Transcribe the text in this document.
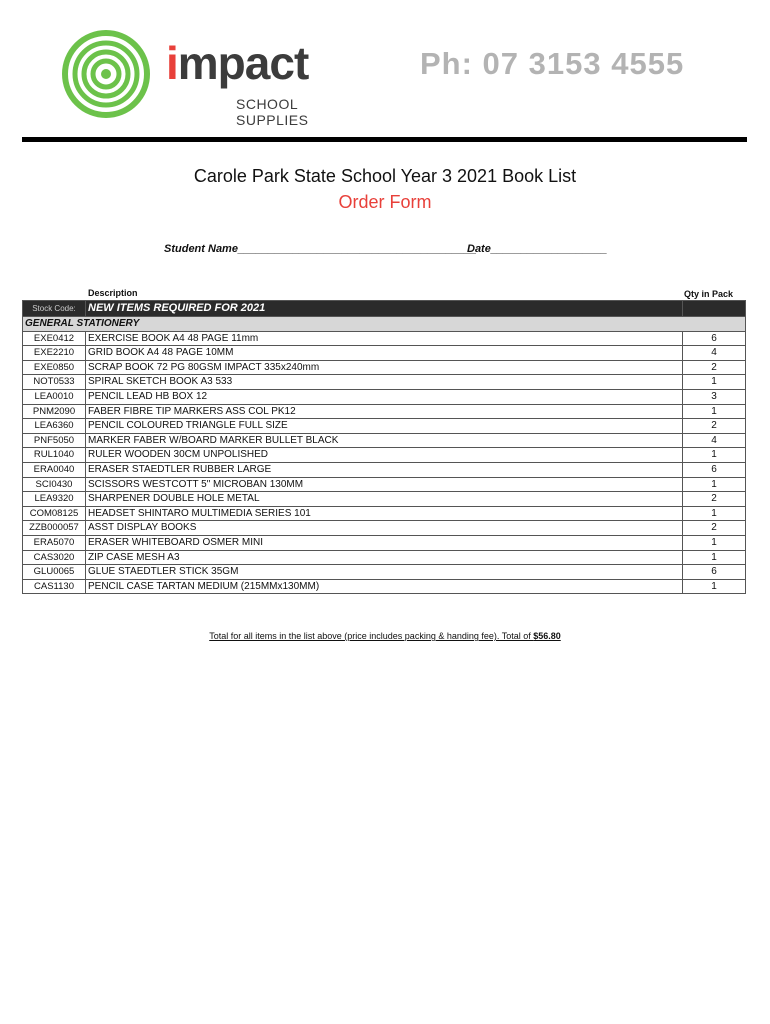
impact
SCHOOL SUPPLIES
Ph: 07 3153 4555
Carole Park State School Year 3 2021 Book List
Order Form
Student Name_______________________________________
Date___________________
Description	Qty in Pack
Stock Code:	NEW ITEMS REQUIRED FOR 2021	
GENERAL STATIONERY		
EXE0412	EXERCISE BOOK A4 48 PAGE 11mm	6
EXE2210	GRID BOOK A4 48 PAGE 10MM	4
EXE0850	SCRAP BOOK 72 PG 80GSM IMPACT 335x240mm	2
NOT0533	SPIRAL SKETCH BOOK A3 533	1
LEA0010	PENCIL LEAD HB BOX 12	3
PNM2090	FABER FIBRE TIP MARKERS ASS COL PK12	1
LEA6360	PENCIL COLOURED TRIANGLE FULL SIZE	2
PNF5050	MARKER FABER W/BOARD MARKER BULLET BLACK	4
RUL1040	RULER WOODEN 30CM UNPOLISHED	1
ERA0040	ERASER STAEDTLER RUBBER LARGE	6
SCI0430	SCISSORS WESTCOTT 5" MICROBAN 130MM	1
LEA9320	SHARPENER DOUBLE HOLE METAL	2
COM08125	HEADSET SHINTARO MULTIMEDIA SERIES 101	1
ZZB000057	ASST DISPLAY BOOKS	2
ERA5070	ERASER WHITEBOARD OSMER MINI	1
CAS3020	ZIP CASE MESH A3	1
GLU0065	GLUE STAEDTLER STICK 35GM	6
CAS1130	PENCIL CASE TARTAN MEDIUM (215MMx130MM)	1
Total for all items in the list above (price includes packing & handing fee). Total of $56.80
